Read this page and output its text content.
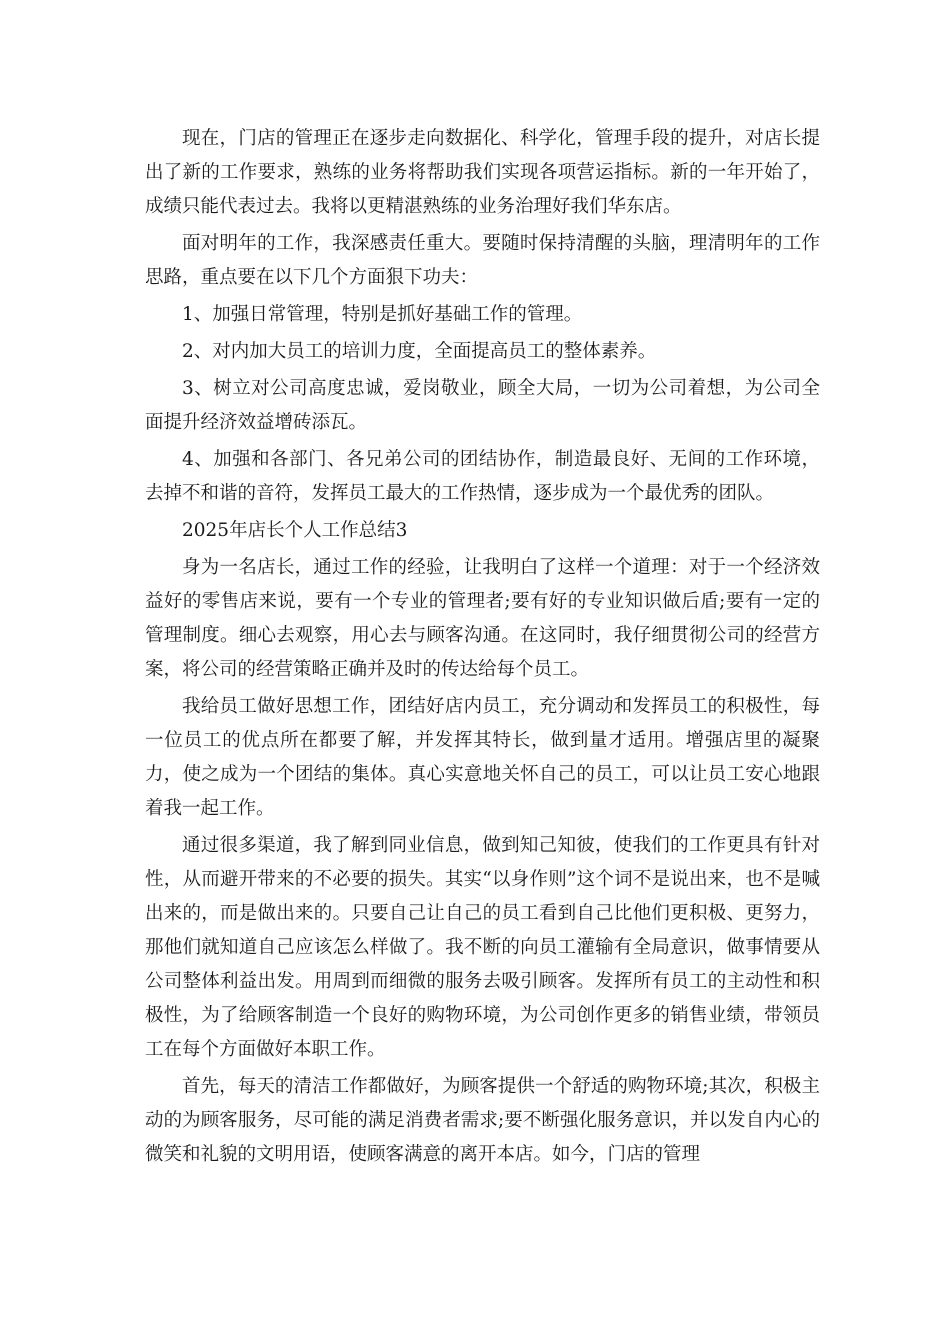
现在，门店的管理正在逐步走向数据化、科学化，管理手段的提升，对店长提出了新的工作要求，熟练的业务将帮助我们实现各项营运指标。新的一年开始了，成绩只能代表过去。我将以更精湛熟练的业务治理好我们华东店。

面对明年的工作，我深感责任重大。要随时保持清醒的头脑，理清明年的工作思路，重点要在以下几个方面狠下功夫：

1、加强日常管理，特别是抓好基础工作的管理。

2、对内加大员工的培训力度，全面提高员工的整体素养。

3、树立对公司高度忠诚，爱岗敬业，顾全大局，一切为公司着想，为公司全面提升经济效益增砖添瓦。

4、加强和各部门、各兄弟公司的团结协作，制造最良好、无间的工作环境，去掉不和谐的音符，发挥员工最大的工作热情，逐步成为一个最优秀的团队。

2025年店长个人工作总结3

身为一名店长，通过工作的经验，让我明白了这样一个道理：对于一个经济效益好的零售店来说，要有一个专业的管理者;要有好的专业知识做后盾;要有一定的管理制度。细心去观察，用心去与顾客沟通。在这同时，我仔细贯彻公司的经营方案，将公司的经营策略正确并及时的传达给每个员工。

我给员工做好思想工作，团结好店内员工，充分调动和发挥员工的积极性，每一位员工的优点所在都要了解，并发挥其特长，做到量才适用。增强店里的凝聚力，使之成为一个团结的集体。真心实意地关怀自己的员工，可以让员工安心地跟着我一起工作。

通过很多渠道，我了解到同业信息，做到知己知彼，使我们的工作更具有针对性，从而避开带来的不必要的损失。其实“以身作则”这个词不是说出来，也不是喊出来的，而是做出来的。只要自己让自己的员工看到自己比他们更积极、更努力，那他们就知道自己应该怎么样做了。我不断的向员工灌输有全局意识，做事情要从公司整体利益出发。用周到而细微的服务去吸引顾客。发挥所有员工的主动性和积极性，为了给顾客制造一个良好的购物环境，为公司创作更多的销售业绩，带领员工在每个方面做好本职工作。

首先，每天的清洁工作都做好，为顾客提供一个舒适的购物环境;其次，积极主动的为顾客服务，尽可能的满足消费者需求;要不断强化服务意识，并以发自内心的微笑和礼貌的文明用语，使顾客满意的离开本店。如今，门店的管理
